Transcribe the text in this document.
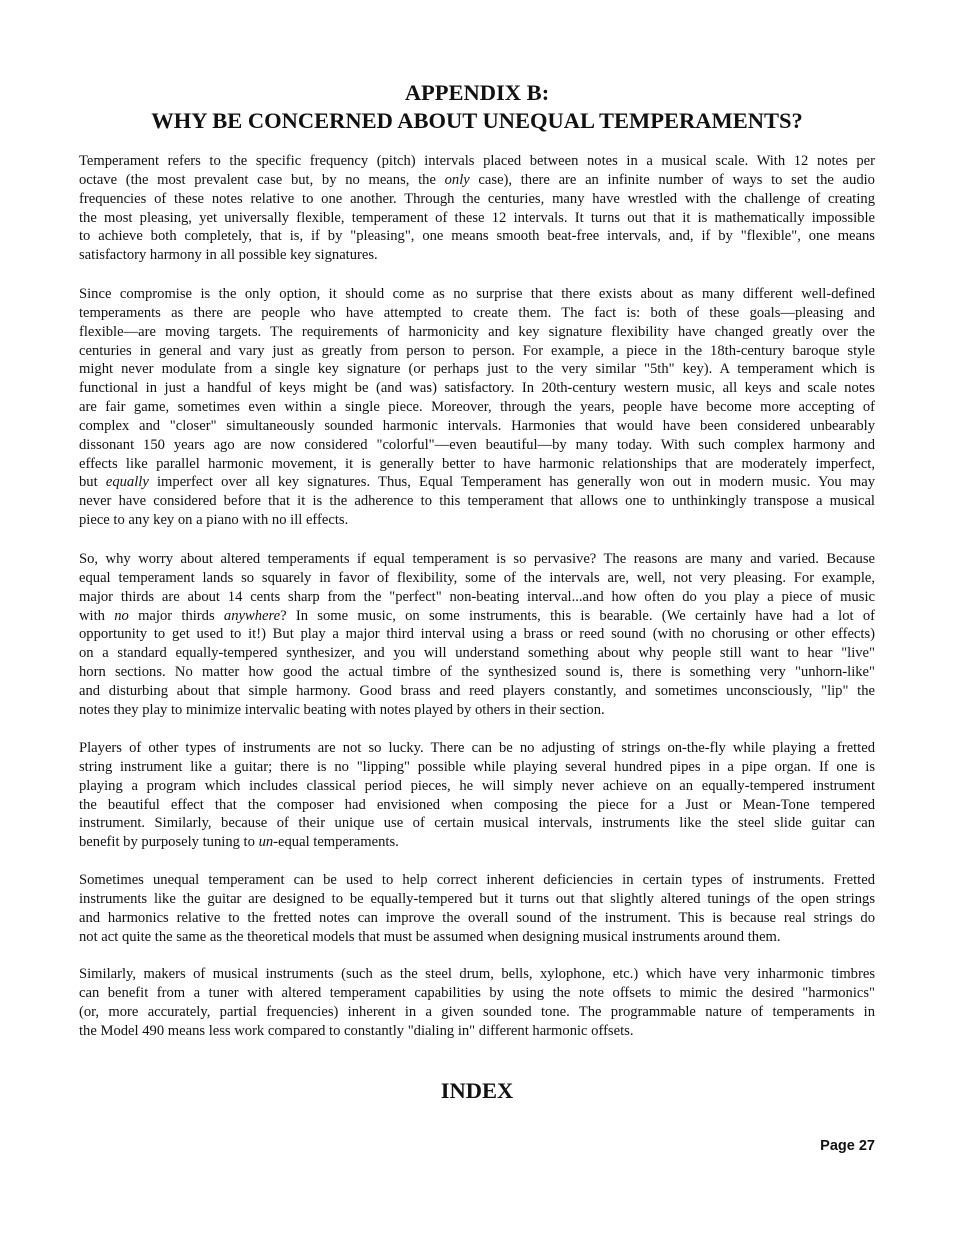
APPENDIX B:
WHY BE CONCERNED ABOUT UNEQUAL TEMPERAMENTS?

Temperament refers to the specific frequency (pitch) intervals placed between notes in a musical scale. With 12 notes per
octave (the most prevalent case but, by no means, the only case), there are an infinite number of ways to set the audio
frequencies of these notes relative to one another. Through the centuries, many have wrestled with the challenge of creating
the most pleasing, yet universally flexible, temperament of these 12 intervals. It turns out that it is mathematically impossible
to achieve both completely, that is, if by "pleasing", one means smooth beat-free intervals, and, if by "flexible", one means
satisfactory harmony in all possible key signatures.

Since compromise is the only option, it should come as no surprise that there exists about as many different well-defined
temperaments as there are people who have attempted to create them. The fact is: both of these goals—pleasing and
flexible—are moving targets. The requirements of harmonicity and key signature flexibility have changed greatly over the
centuries in general and vary just as greatly from person to person. For example, a piece in the 18th-century baroque style
might never modulate from a single key signature (or perhaps just to the very similar "5th" key). A temperament which is
functional in just a handful of keys might be (and was) satisfactory. In 20th-century western music, all keys and scale notes
are fair game, sometimes even within a single piece. Moreover, through the years, people have become more accepting of
complex and "closer" simultaneously sounded harmonic intervals. Harmonies that would have been considered unbearably
dissonant 150 years ago are now considered "colorful"—even beautiful—by many today. With such complex harmony and
effects like parallel harmonic movement, it is generally better to have harmonic relationships that are moderately imperfect,
but equally imperfect over all key signatures. Thus, Equal Temperament has generally won out in modern music. You may
never have considered before that it is the adherence to this temperament that allows one to unthinkingly transpose a musical
piece to any key on a piano with no ill effects.

So, why worry about altered temperaments if equal temperament is so pervasive? The reasons are many and varied. Because
equal temperament lands so squarely in favor of flexibility, some of the intervals are, well, not very pleasing. For example,
major thirds are about 14 cents sharp from the "perfect" non-beating interval...and how often do you play a piece of music
with no major thirds anywhere? In some music, on some instruments, this is bearable. (We certainly have had a lot of
opportunity to get used to it!) But play a major third interval using a brass or reed sound (with no chorusing or other effects)
on a standard equally-tempered synthesizer, and you will understand something about why people still want to hear "live"
horn sections. No matter how good the actual timbre of the synthesized sound is, there is something very "unhorn-like"
and disturbing about that simple harmony. Good brass and reed players constantly, and sometimes unconsciously, "lip" the
notes they play to minimize intervalic beating with notes played by others in their section.

Players of other types of instruments are not so lucky. There can be no adjusting of strings on-the-fly while playing a fretted
string instrument like a guitar; there is no "lipping" possible while playing several hundred pipes in a pipe organ. If one is
playing a program which includes classical period pieces, he will simply never achieve on an equally-tempered instrument
the beautiful effect that the composer had envisioned when composing the piece for a Just or Mean-Tone tempered
instrument. Similarly, because of their unique use of certain musical intervals, instruments like the steel slide guitar can
benefit by purposely tuning to un-equal temperaments.

Sometimes unequal temperament can be used to help correct inherent deficiencies in certain types of instruments. Fretted
instruments like the guitar are designed to be equally-tempered but it turns out that slightly altered tunings of the open strings
and harmonics relative to the fretted notes can improve the overall sound of the instrument. This is because real strings do
not act quite the same as the theoretical models that must be assumed when designing musical instruments around them.

Similarly, makers of musical instruments (such as the steel drum, bells, xylophone, etc.) which have very inharmonic timbres
can benefit from a tuner with altered temperament capabilities by using the note offsets to mimic the desired "harmonics"
(or, more accurately, partial frequencies) inherent in a given sounded tone. The programmable nature of temperaments in
the Model 490 means less work compared to constantly "dialing in" different harmonic offsets.

INDEX
Page 27
